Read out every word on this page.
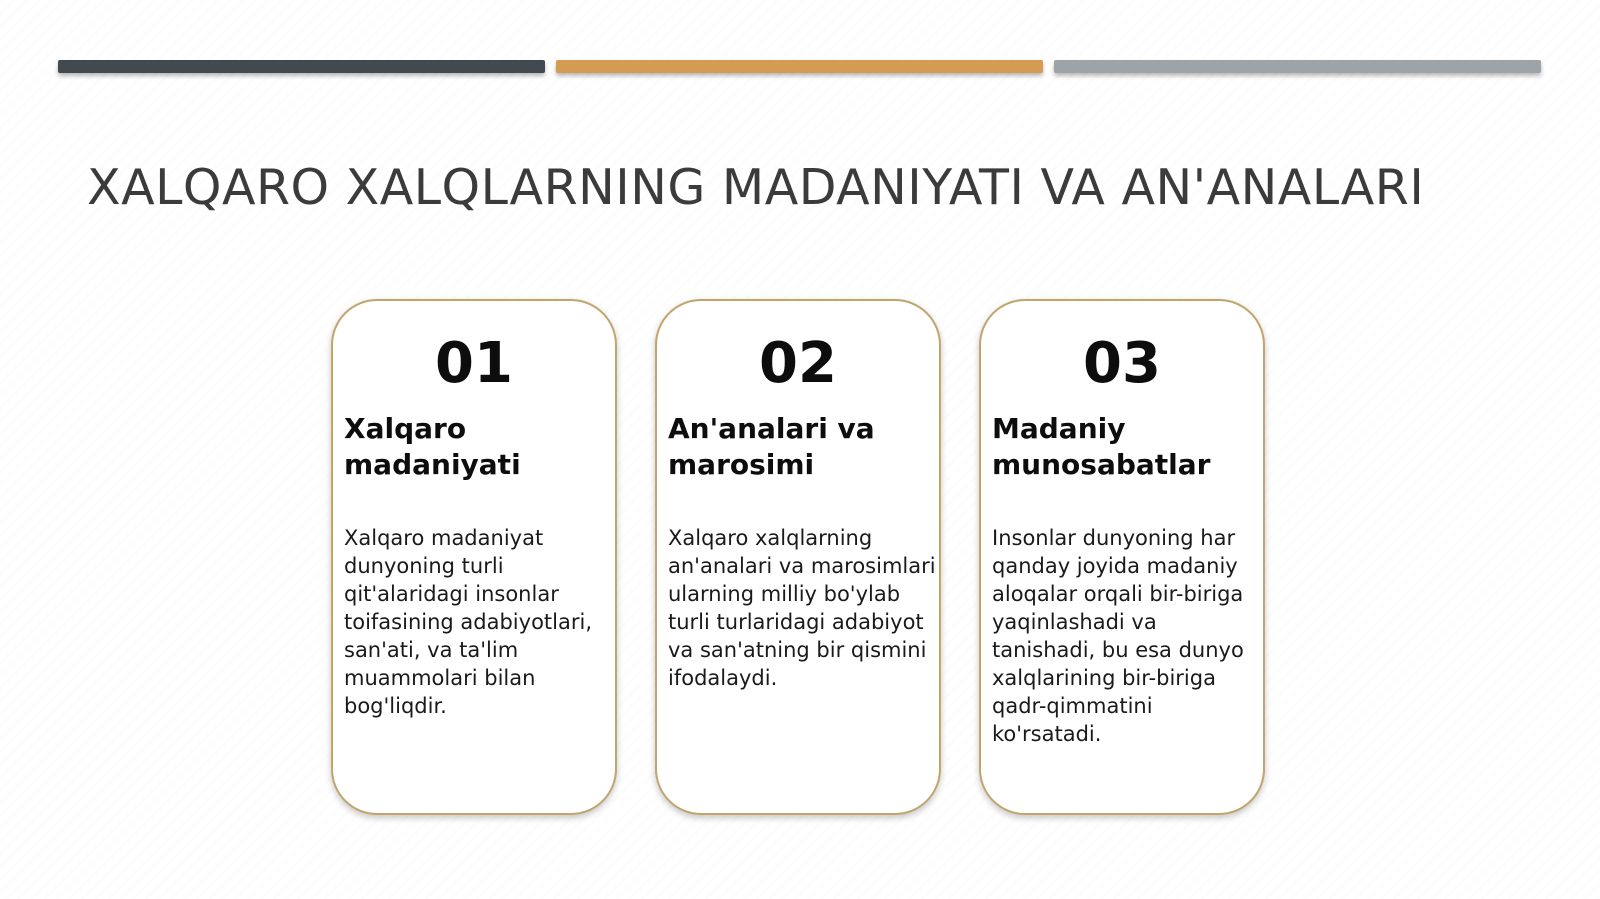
XALQARO XALQLARNING MADANIYATI VA AN'ANALARI
01
Xalqaro madaniyati
Xalqaro madaniyat dunyoning turli qit'alaridagi insonlar toifasining adabiyotlari, san'ati, va ta'lim muammolari bilan bog'liqdir.
02
An'analari va marosimi
Xalqaro xalqlarning an'analari va marosimlari ularning milliy bo'ylab turli turlaridagi adabiyot va san'atning bir qismini ifodalaydi.
03
Madaniy munosabatlar
Insonlar dunyoning har qanday joyida madaniy aloqalar orqali bir-biriga yaqinlashadi va tanishadi, bu esa dunyo xalqlarining bir-biriga qadr-qimmatini ko'rsatadi.
